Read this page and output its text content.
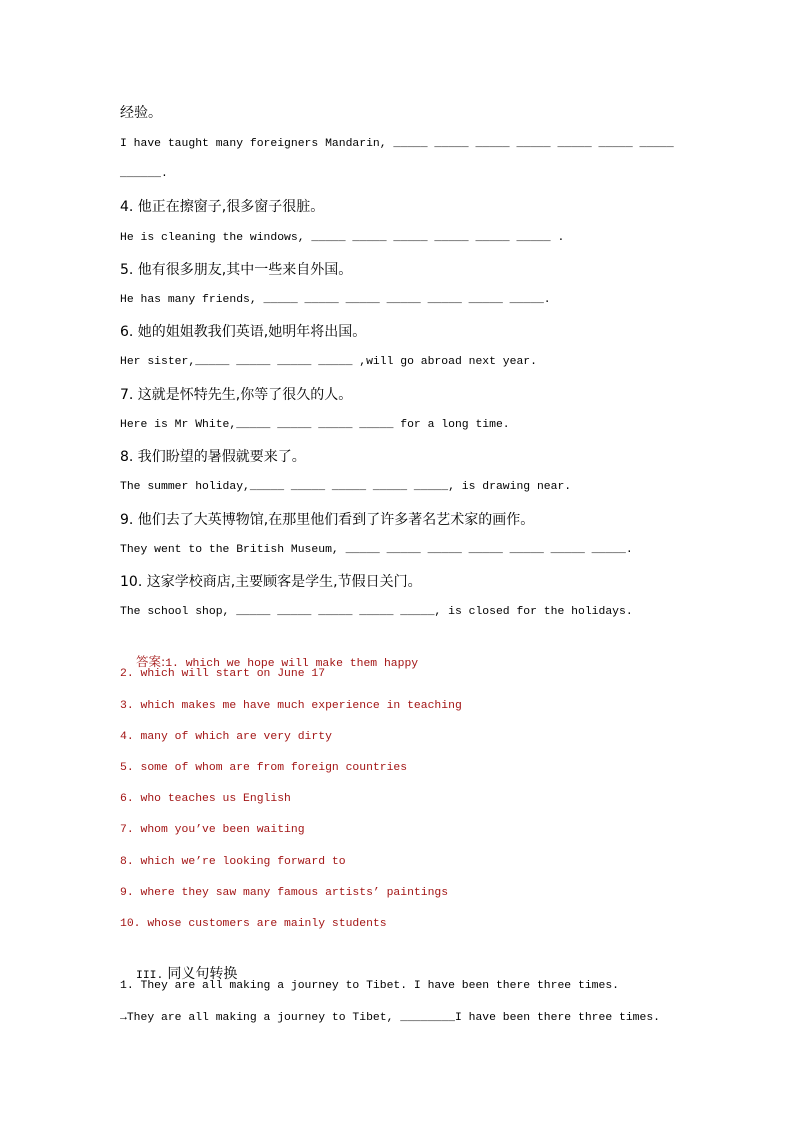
经验。
I have taught many foreigners Mandarin, _____ _____ _____ _____ _____ _____ _____
______.
4. 他正在擦窗子,很多窗子很脏。
He is cleaning the windows, _____ _____ _____ _____ _____ _____ .
5. 他有很多朋友,其中一些来自外国。
He has many friends, _____ _____ _____ _____ _____ _____ _____.
6. 她的姐姐教我们英语,她明年将出国。
Her sister,_____ _____ _____ _____ ,will go abroad next year.
7. 这就是怀特先生,你等了很久的人。
Here is Mr White,_____ _____ _____ _____ for a long time.
8. 我们盼望的暑假就要来了。
The summer holiday,_____ _____ _____ _____ _____, is drawing near.
9. 他们去了大英博物馆,在那里他们看到了许多著名艺术家的画作。
They went to the British Museum, _____ _____ _____ _____ _____ _____ _____.
10. 这家学校商店,主要顾客是学生,节假日关门。
The school shop, _____ _____ _____ _____ _____, is closed for the holidays.

答案:1. which we hope will make them happy

2. which will start on June 17
3. which makes me have much experience in teaching
4. many of which are very dirty
5. some of whom are from foreign countries
6. who teaches us English
7. whom you’ve been waiting
8. which we’re looking forward to
9. where they saw many famous artists’ paintings
10. whose customers are mainly students

III. 同义句转换

1. They are all making a journey to Tibet. I have been there three times.
→They are all making a journey to Tibet, ________I have been there three times.
